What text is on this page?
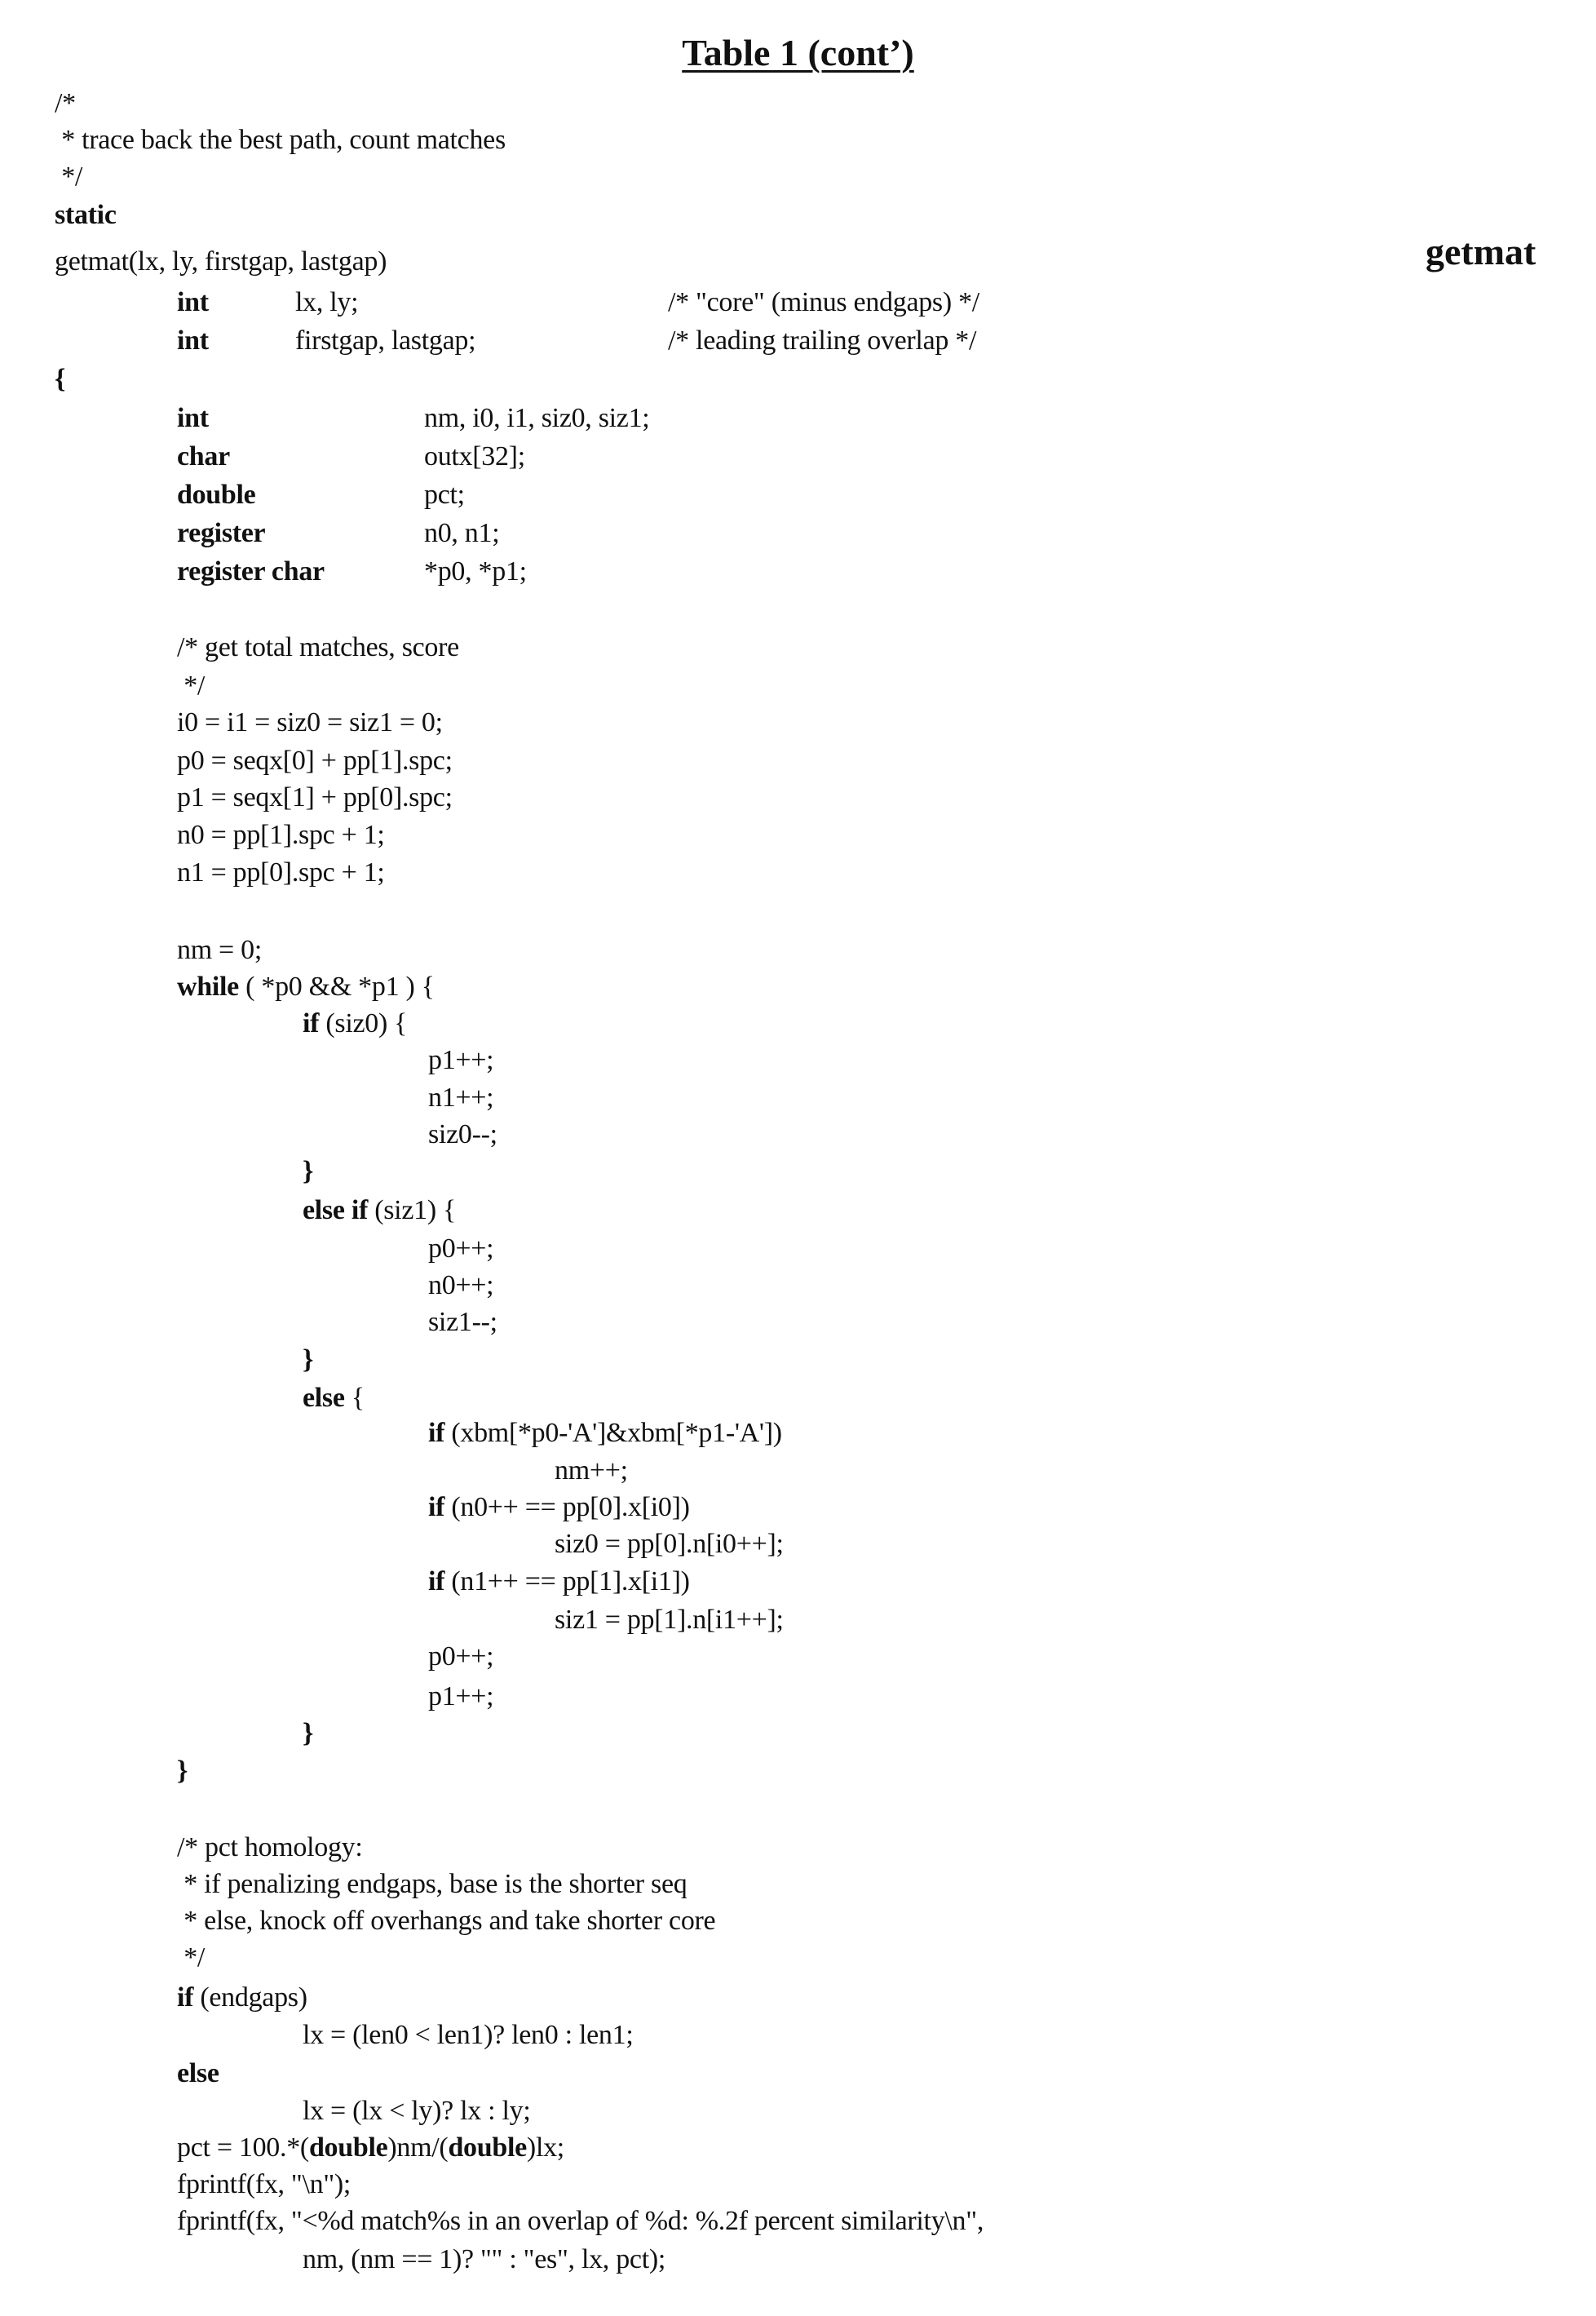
Table 1 (cont’)
getmat
/*
* trace back the best path, count matches
*/
static
getmat(lx, ly, firstgap, lastgap)
int	lx, ly;	/* "core" (minus endgaps) */
int	firstgap, lastgap;	/* leading trailing overlap */
{
int	nm, i0, i1, siz0, siz1;
char	outx[32];
double	pct;
register	n0, n1;
register char	*p0, *p1;
/* get total matches, score
*/
i0 = i1 = siz0 = siz1 = 0;
p0 = seqx[0] + pp[1].spc;
p1 = seqx[1] + pp[0].spc;
n0 = pp[1].spc + 1;
n1 = pp[0].spc + 1;
nm = 0;
while ( *p0 && *p1 ) {
if (siz0) {
p1++;
n1++;
siz0--;
}
else if (siz1) {
p0++;
n0++;
siz1--;
}
else {
if (xbm[*p0-'A']&xbm[*p1-'A'])
nm++;
if (n0++ == pp[0].x[i0])
siz0 = pp[0].n[i0++];
if (n1++ == pp[1].x[i1])
siz1 = pp[1].n[i1++];
p0++;
p1++;
}
}
/* pct homology:
* if penalizing endgaps, base is the shorter seq
* else, knock off overhangs and take shorter core
*/
if (endgaps)
lx = (len0 < len1)? len0 : len1;
else
lx = (lx < ly)? lx : ly;
pct = 100.*(double)nm/(double)lx;
fprintf(fx, "\n");
fprintf(fx, "<%d match%s in an overlap of %d: %.2f percent similarity\n",
nm, (nm == 1)? "" : "es", lx, pct);
